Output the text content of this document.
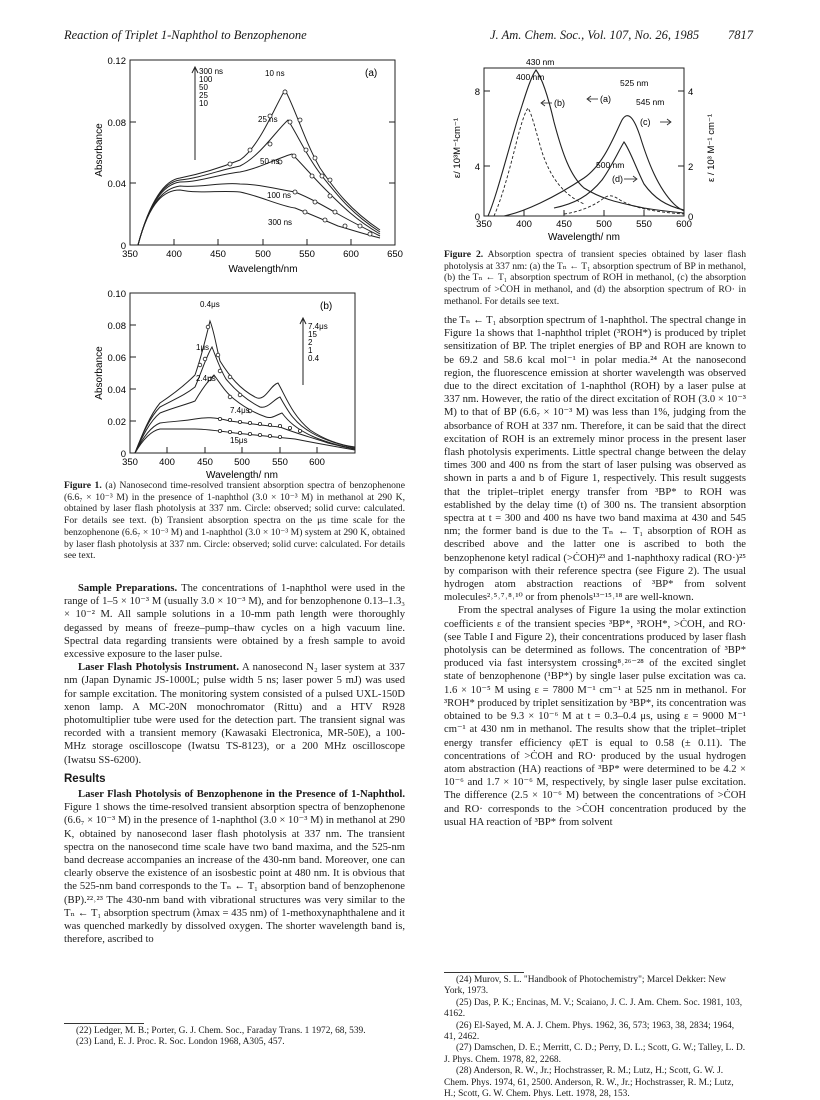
Reaction of Triplet 1-Naphthol to Benzophenone	J. Am. Chem. Soc., Vol. 107, No. 26, 1985 7817
0
0.04
0.08
0.12
350	400	450	500	550	600	650
Wavelength/nm
Absorbance
(a)
300 ns
100
50
25
10
10 ns
25 ns
50 ns
100 ns
300 ns
0
0.02
0.04
0.06
0.08
0.10
350 400 450 500 550 600
Wavelength/ nm
Absorbance
(b)
7.4μs
15
2
1
0.4
0.4μs
1μs
2.4μs
7.4μs
15μs
Figure 1. (a) Nanosecond time-resolved transient absorption spectra of benzophenone (6.6₇ × 10⁻³ M) in the presence of 1-naphthol (3.0 × 10⁻³ M) in methanol at 290 K, obtained by laser flash photolysis at 337 nm. Circle: observed; solid curve: calculated. For details see text. (b) Transient absorption spectra on the μs time scale for the benzophenone (6.6₇ × 10⁻³ M) and 1-naphthol (3.0 × 10⁻³ M) system at 290 K, obtained by laser flash photolysis at 337 nm. Circle: observed; solid curve: calculated. For details see text.

Sample Preparations. The concentrations of 1-naphthol were used in the range of 1–5 × 10⁻³ M (usually 3.0 × 10⁻³ M), and for benzophenone 0.13–1.3₃ × 10⁻² M. All sample solutions in a 10-mm path length were thoroughly degassed by means of freeze–pump–thaw cycles on a high vacuum line. Spectral data regarding transients were obtained by a fresh sample to avoid excessive exposure to the laser pulse.

Laser Flash Photolysis Instrument. A nanosecond N₂ laser system at 337 nm (Japan Dynamic JS-1000L; pulse width 5 ns; laser power 5 mJ) was used for sample excitation. The monitoring system consisted of a pulsed UXL-150D xenon lamp. A MC-20N monochromator (Rittu) and a HTV R928 photomultiplier tube were used for the detection part. The transient signal was recorded with a transient memory (Kawasaki Electronica, MR-50E), a 100-MHz storage oscilloscope (Iwatsu TS-8123), or a 200 MHz oscilloscope (Iwatsu SS-6200).

Results

Laser Flash Photolysis of Benzophenone in the Presence of 1-Naphthol. Figure 1 shows the time-resolved transient absorption spectra of benzophenone (6.6₇ × 10⁻³ M) in the presence of 1-naphthol (3.0 × 10⁻³ M) in methanol at 290 K, obtained by nanosecond laser flash photolysis at 337 nm. The transient spectra on the nanosecond time scale have two band maxima, and the 525-nm band decrease accompanies an increase of the 430-nm band. Moreover, one can clearly observe the existence of an isosbestic point at 480 nm. It is obvious that the 525-nm band corresponds to the Tₙ ← T₁ absorption band of benzophenone (BP).²²˒²³ The 430-nm band with vibrational structures was very similar to the Tₙ ← T₁ absorption spectrum (λmax = 435 nm) of 1-methoxynaphthalene and it was quenched markedly by dissolved oxygen. The shorter wavelength band is, therefore, ascribed to

(22) Ledger, M. B.; Porter, G. J. Chem. Soc., Faraday Trans. 1 1972, 68, 539.
(23) Land, E. J. Proc. R. Soc. London 1968, A305, 457.
0
4
8
0
2
4
350	400	450	500	550	600
Wavelength/ nm
ε/ 10³M⁻¹cm⁻¹	ε / 10³ M⁻¹ cm⁻¹
430 nm
400 nm
525 nm
545 nm
500 nm
(a)
(b)
(c)
(d)
Figure 2. Absorption spectra of transient species obtained by laser flash photolysis at 337 nm: (a) the Tₙ ← T₁ absorption spectrum of BP in methanol, (b) the Tₙ ← T₁ absorption spectrum of ROH in methanol, (c) the absorption spectrum of >ĊOH in methanol, and (d) the absorption spectrum of RO· in methanol. For details see text.

the Tₙ ← T₁ absorption spectrum of 1-naphthol. The spectral change in Figure 1a shows that 1-naphthol triplet (³ROH*) is produced by triplet sensitization of BP. The triplet energies of BP and ROH are known to be 69.2 and 58.6 kcal mol⁻¹ in polar media.²⁴ At the nanosecond region, the fluorescence emission at shorter wavelength was observed due to the direct excitation of 1-naphthol (ROH) by a laser pulse at 337 nm. However, the ratio of the direct excitation of ROH (3.0 × 10⁻³ M) to that of BP (6.6₇ × 10⁻³ M) was less than 1%, judging from the absorbance of ROH at 337 nm. Therefore, it can be said that the direct excitation of ROH is an extremely minor process in the present laser flash photolysis experiments. Little spectral change between the delay times 300 and 400 ns from the start of laser pulsing was observed as shown in parts a and b of Figure 1, respectively. This result suggests that the triplet–triplet energy transfer from ³BP* to ROH was established by the delay time (t) of 300 ns. The transient absorption spectra at t = 300 and 400 ns have two band maxima at 430 and 545 nm; the former band is due to the Tₙ ← T₁ absorption of ROH as described above and the latter one is ascribed to both the benzophenone ketyl radical (>ĊOH)²³ and 1-naphthoxy radical (RO·)²⁵ by comparison with their reference spectra (see Figure 2). The usual hydrogen atom abstraction reactions of ³BP* from solvent molecules²˒⁵˒⁷˒⁸˒¹⁰ or from phenols¹³⁻¹⁵˒¹⁸ are well-known.

From the spectral analyses of Figure 1a using the molar extinction coefficients ε of the transient species ³BP*, ³ROH*, >ĊOH, and RO· (see Table I and Figure 2), their concentrations produced by laser flash photolysis can be determined as follows. The concentration of ³BP* produced via fast intersystem crossing⁸˒²⁶⁻²⁸ of the excited singlet state of benzophenone (¹BP*) by single laser pulse excitation was ca. 1.6 × 10⁻⁵ M using ε = 7800 M⁻¹ cm⁻¹ at 525 nm in methanol. For ³ROH* produced by triplet sensitization by ³BP*, its concentration was obtained to be 9.3 × 10⁻⁶ M at t = 0.3–0.4 μs, using ε = 9000 M⁻¹ cm⁻¹ at 430 nm in methanol. The results show that the triplet–triplet energy transfer efficiency φET is equal to 0.58 (± 0.11). The concentrations of >ĊOH and RO· produced by the usual hydrogen atom abstraction (HA) reactions of ³BP* were determined to be 4.2 × 10⁻⁶ and 1.7 × 10⁻⁶ M, respectively, by single laser pulse excitation. The difference (2.5 × 10⁻⁶ M) between the concentrations of >ĊOH and RO· corresponds to the >ĊOH concentration produced by the usual HA reaction of ³BP* from solvent

(24) Murov, S. L. "Handbook of Photochemistry"; Marcel Dekker: New York, 1973.
(25) Das, P. K.; Encinas, M. V.; Scaiano, J. C. J. Am. Chem. Soc. 1981, 103, 4162.
(26) El-Sayed, M. A. J. Chem. Phys. 1962, 36, 573; 1963, 38, 2834; 1964, 41, 2462.
(27) Damschen, D. E.; Merritt, C. D.; Perry, D. L.; Scott, G. W.; Talley, L. D. J. Phys. Chem. 1978, 82, 2268.
(28) Anderson, R. W., Jr.; Hochstrasser, R. M.; Lutz, H.; Scott, G. W. J. Chem. Phys. 1974, 61, 2500. Anderson, R. W., Jr.; Hochstrasser, R. M.; Lutz, H.; Scott, G. W. Chem. Phys. Lett. 1978, 28, 153.
